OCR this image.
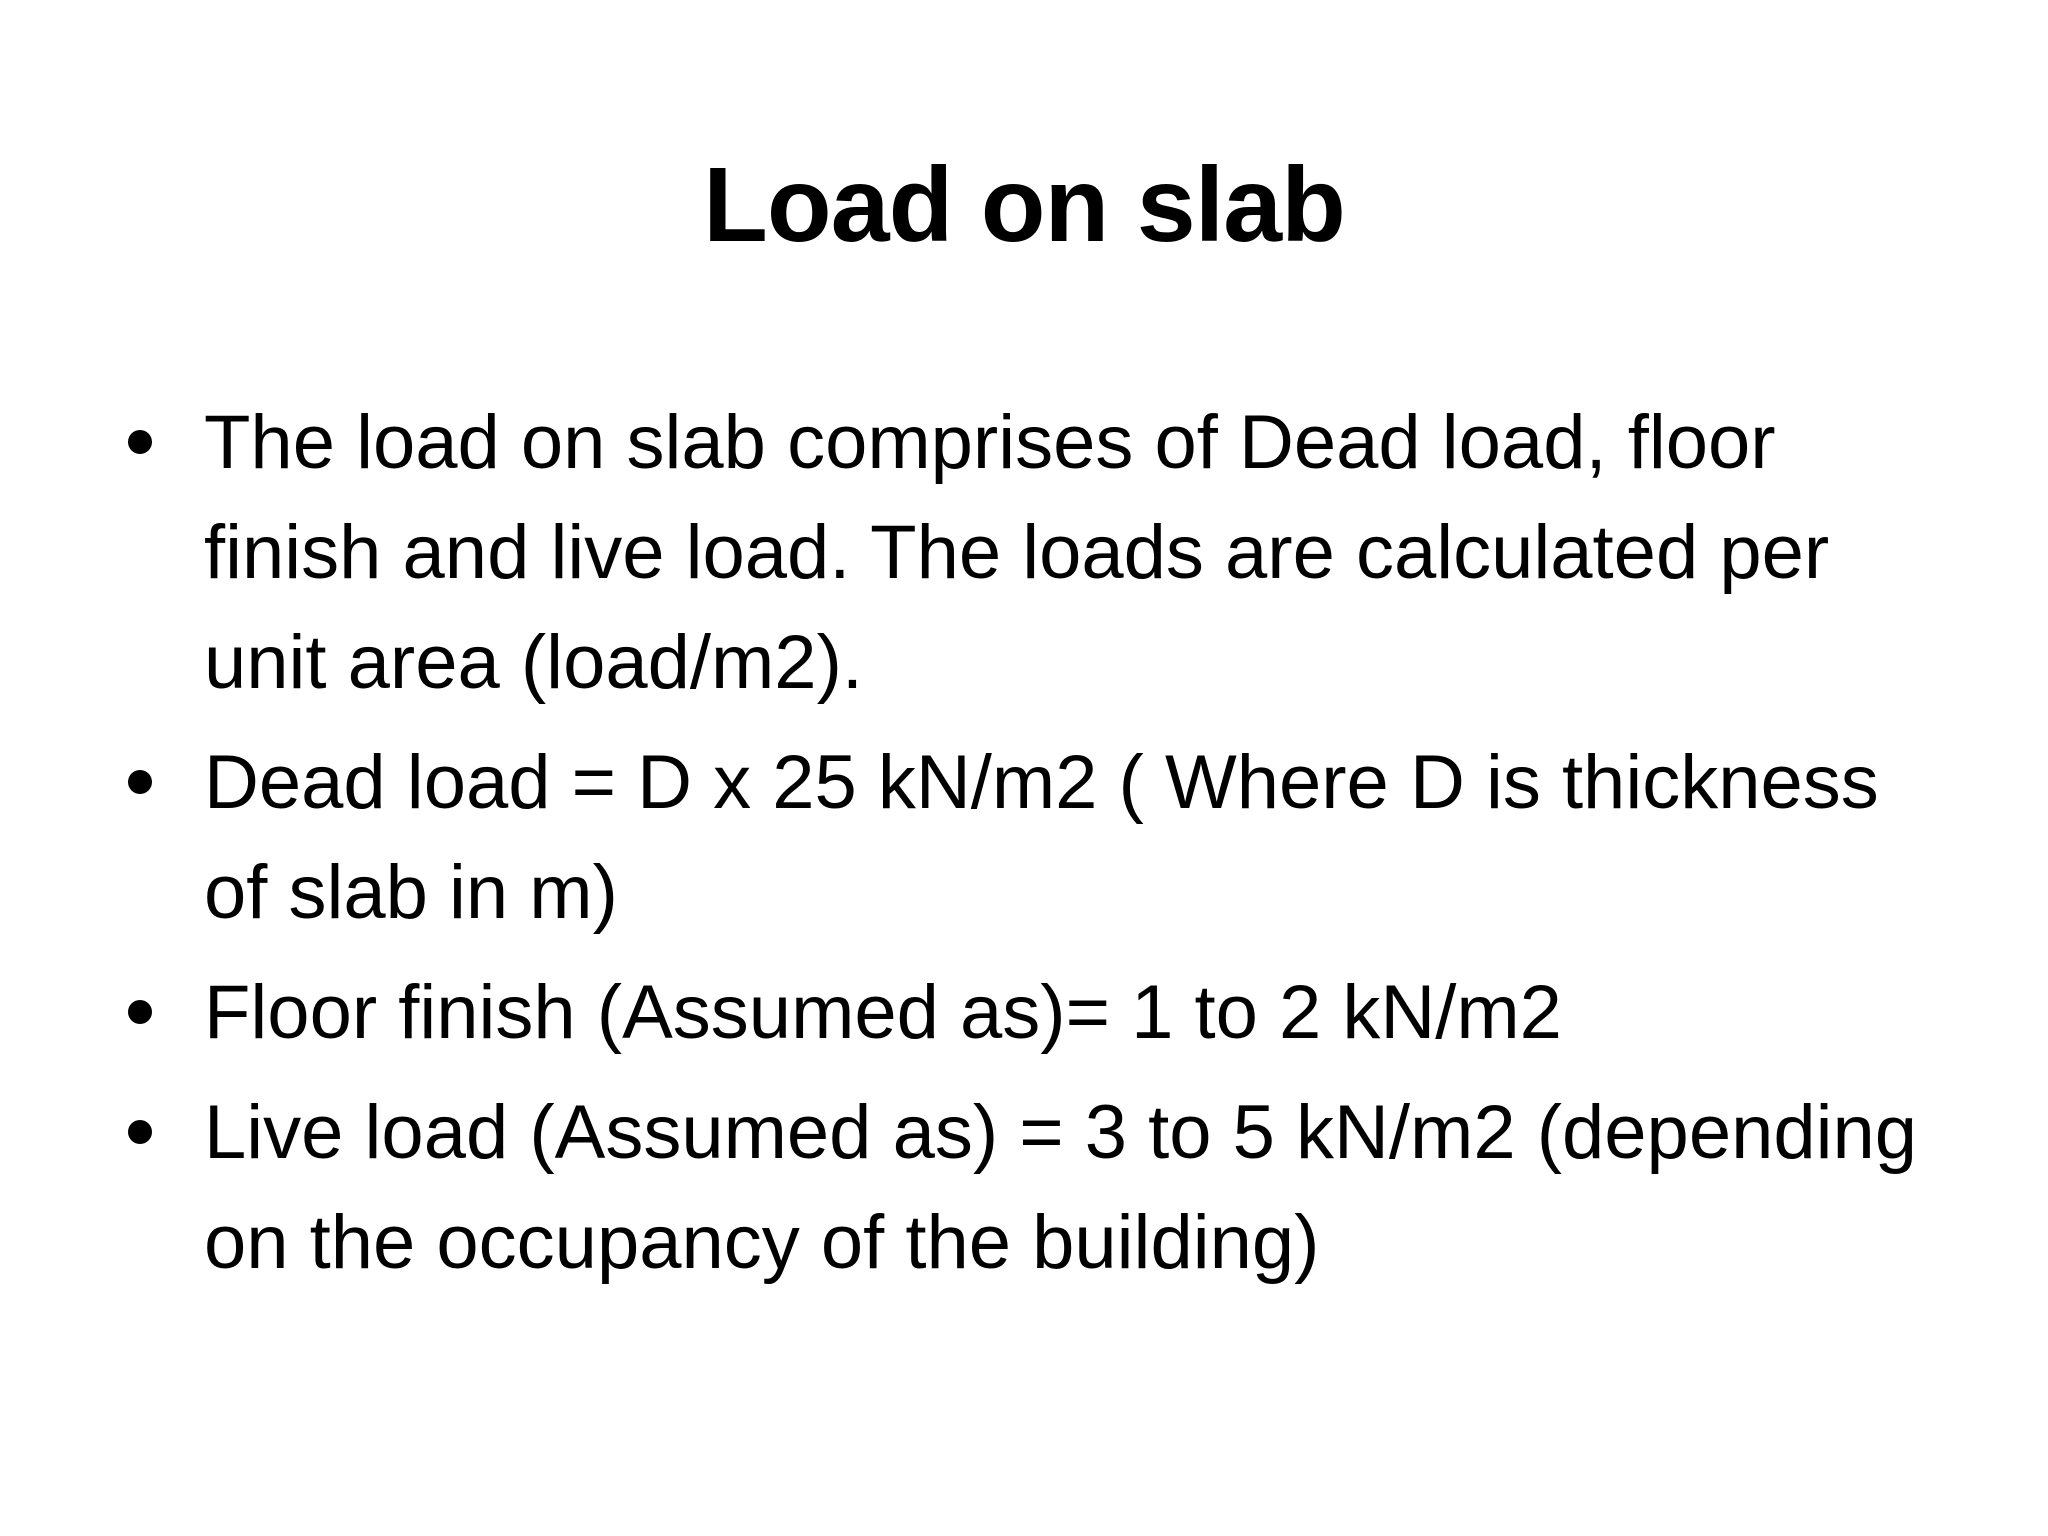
Load on slab
The load on slab comprises of Dead load, floor finish and live load. The loads are calculated per unit area (load/m2).
Dead load = D x 25 kN/m2 ( Where D is thickness of slab in m)
Floor finish (Assumed as)= 1 to 2 kN/m2
Live load (Assumed as) = 3 to 5 kN/m2 (depending on the occupancy of the building)
